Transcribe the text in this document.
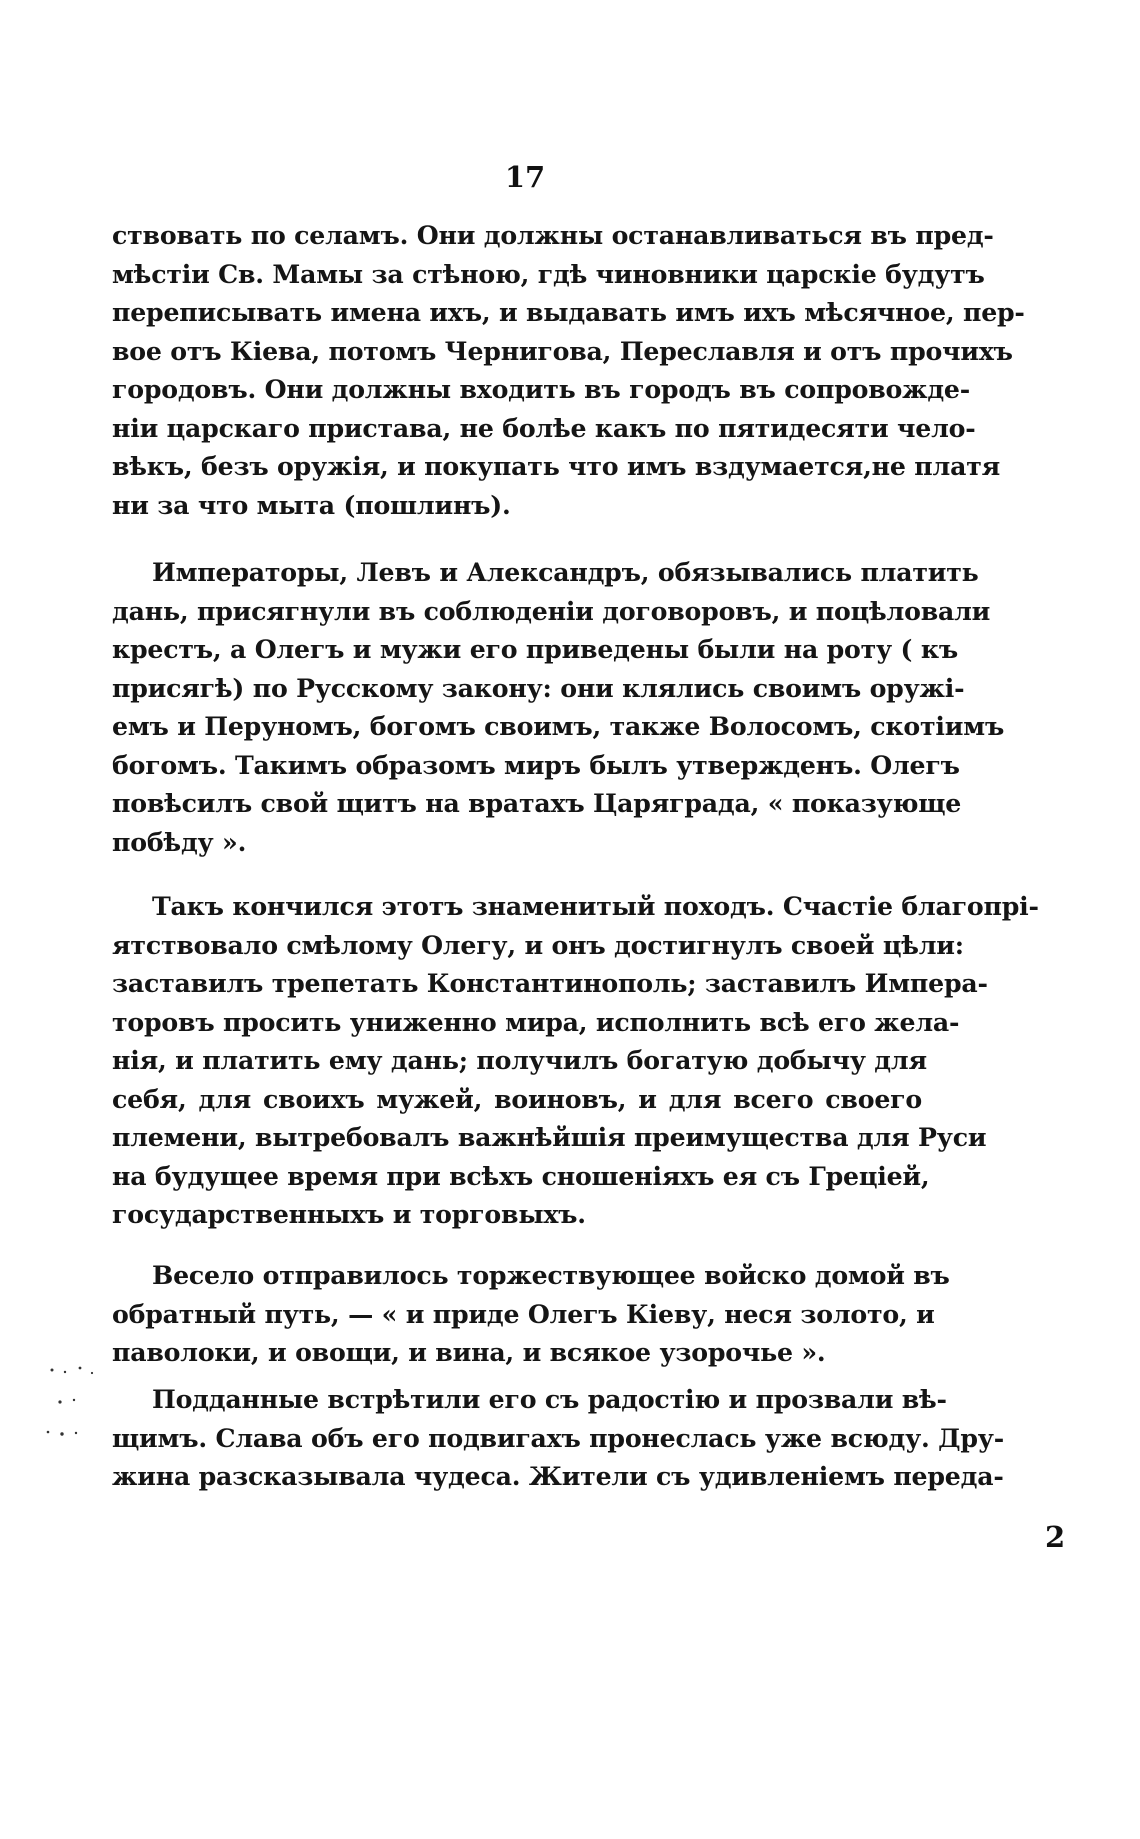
17
ствовать по селамъ. Они должны останавливаться въ пред-
мѣстіи Св. Мамы за стѣною, гдѣ чиновники царскіе будутъ
переписывать имена ихъ, и выдавать имъ ихъ мѣсячное, пер-
вое отъ Кіева, потомъ Чернигова, Переславля и отъ прочихъ
городовъ. Они должны входить въ городъ въ сопровожде-
ніи царскаго пристава, не болѣе какъ по пятидесяти чело-
вѣкъ, безъ оружія, и покупать что имъ вздумается,не платя
ни за что мыта (пошлинъ).
Императоры, Левъ и Александръ, обязывались платить
дань, присягнули въ соблюденіи договоровъ, и поцѣловали
крестъ, а Олегъ и мужи его приведены были на роту ( къ
присягѣ) по Русскому закону: они клялись своимъ оружі-
емъ и Перуномъ, богомъ своимъ, также Волосомъ, скотіимъ
богомъ. Такимъ образомъ миръ былъ утвержденъ. Олегъ
повѣсилъ свой щитъ на вратахъ Царяграда, « показующе
побѣду ».
Такъ кончился этотъ знаменитый походъ. Счастіе благопрі-
ятствовало смѣлому Олегу, и онъ достигнулъ своей цѣли:
заставилъ трепетать Константинополь; заставилъ Импера-
торовъ просить униженно мира, исполнить всѣ его жела-
нія, и платить ему дань; получилъ богатую добычу для
себя, для своихъ мужей, воиновъ, и для всего своего
племени, вытребовалъ важнѣйшія преимущества для Руси
на будущее время при всѣхъ сношеніяхъ ея съ Греціей,
государственныхъ и торговыхъ.
Весело отправилось торжествующее войско домой въ
обратный путь, — « и приде Олегъ Кіеву, неся золото, и
паволоки, и овощи, и вина, и всякое узорочье ».
Подданные встрѣтили его съ радостію и прозвали вѣ-
щимъ. Слава объ его подвигахъ пронеслась уже всюду. Дру-
жина разсказывала чудеса. Жители съ удивленіемъ переда-
2
